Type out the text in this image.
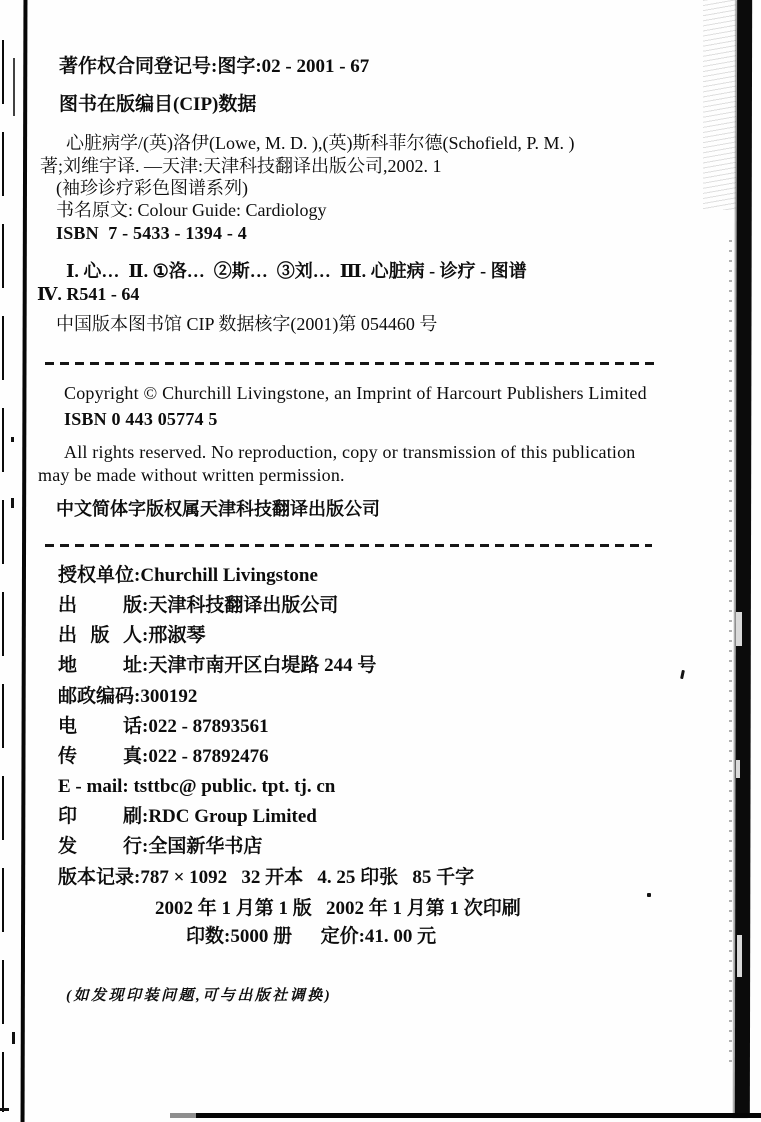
著作权合同登记号:图字:02 - 2001 - 67
图书在版编目(CIP)数据
心脏病学/(英)洛伊(Lowe, M. D. ),(英)斯科菲尔德(Schofield, P. M. )
著;刘维宇译. —天津:天津科技翻译出版公司,2002. 1
(袖珍诊疗彩色图谱系列)
书名原文: Colour Guide: Cardiology
ISBN  7 - 5433 - 1394 - 4
Ⅰ. 心…  Ⅱ. ①洛…  ②斯…  ③刘…  Ⅲ. 心脏病 - 诊疗 - 图谱
Ⅳ. R541 - 64
中国版本图书馆 CIP 数据核字(2001)第 054460 号
Copyright © Churchill Livingstone, an Imprint of Harcourt Publishers Limited
ISBN 0 443 05774 5
All rights reserved. No reproduction, copy or transmission of this publication
may be made without written permission.
中文简体字版权属天津科技翻译出版公司
授权单位:Churchill Livingstone
出版:天津科技翻译出版公司
出版人:邢淑琴
地址:天津市南开区白堤路 244 号
邮政编码:300192
电话:022 - 87893561
传真:022 - 87892476
E - mail: tsttbc@ public. tpt. tj. cn
印刷:RDC Group Limited
发行:全国新华书店
版本记录:787 × 1092   32 开本   4. 25 印张   85 千字
2002 年 1 月第 1 版   2002 年 1 月第 1 次印刷
印数:5000 册      定价:41. 00 元
(如发现印装问题,可与出版社调换)
